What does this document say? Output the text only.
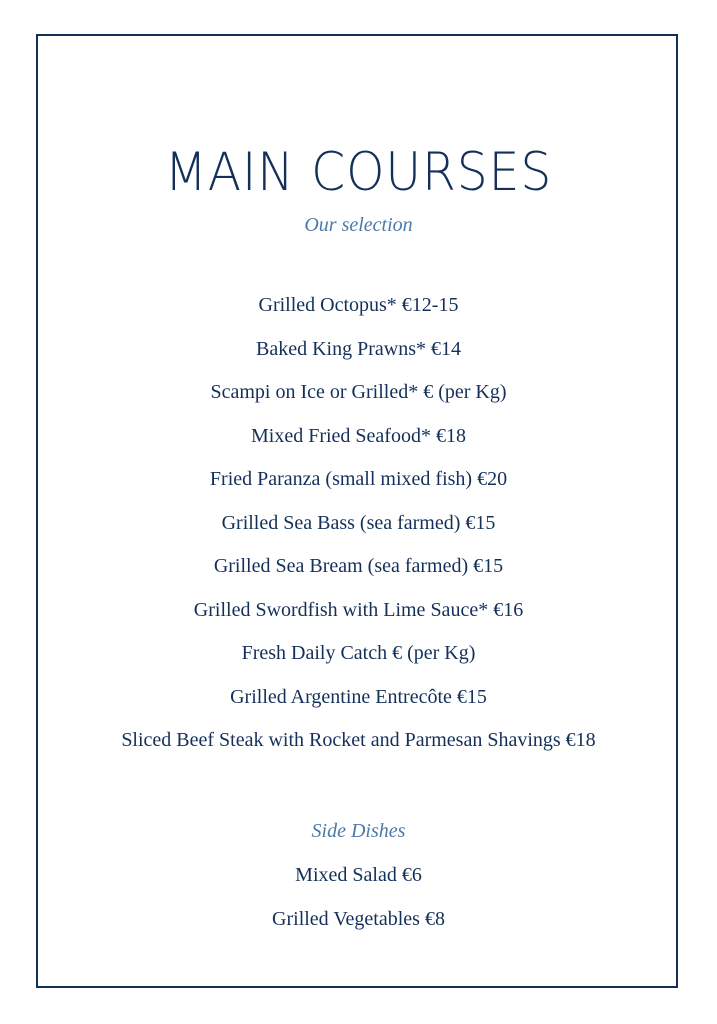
MAIN COURSES
Our selection
Grilled Octopus* €12-15
Baked King Prawns* €14
Scampi on Ice or Grilled* € (per Kg)
Mixed Fried Seafood* €18
Fried Paranza (small mixed fish) €20
Grilled Sea Bass (sea farmed) €15
Grilled Sea Bream (sea farmed) €15
Grilled Swordfish with Lime Sauce* €16
Fresh Daily Catch € (per Kg)
Grilled Argentine Entrecôte €15
Sliced Beef Steak with Rocket and Parmesan Shavings €18
Side Dishes
Mixed Salad €6
Grilled Vegetables €8
